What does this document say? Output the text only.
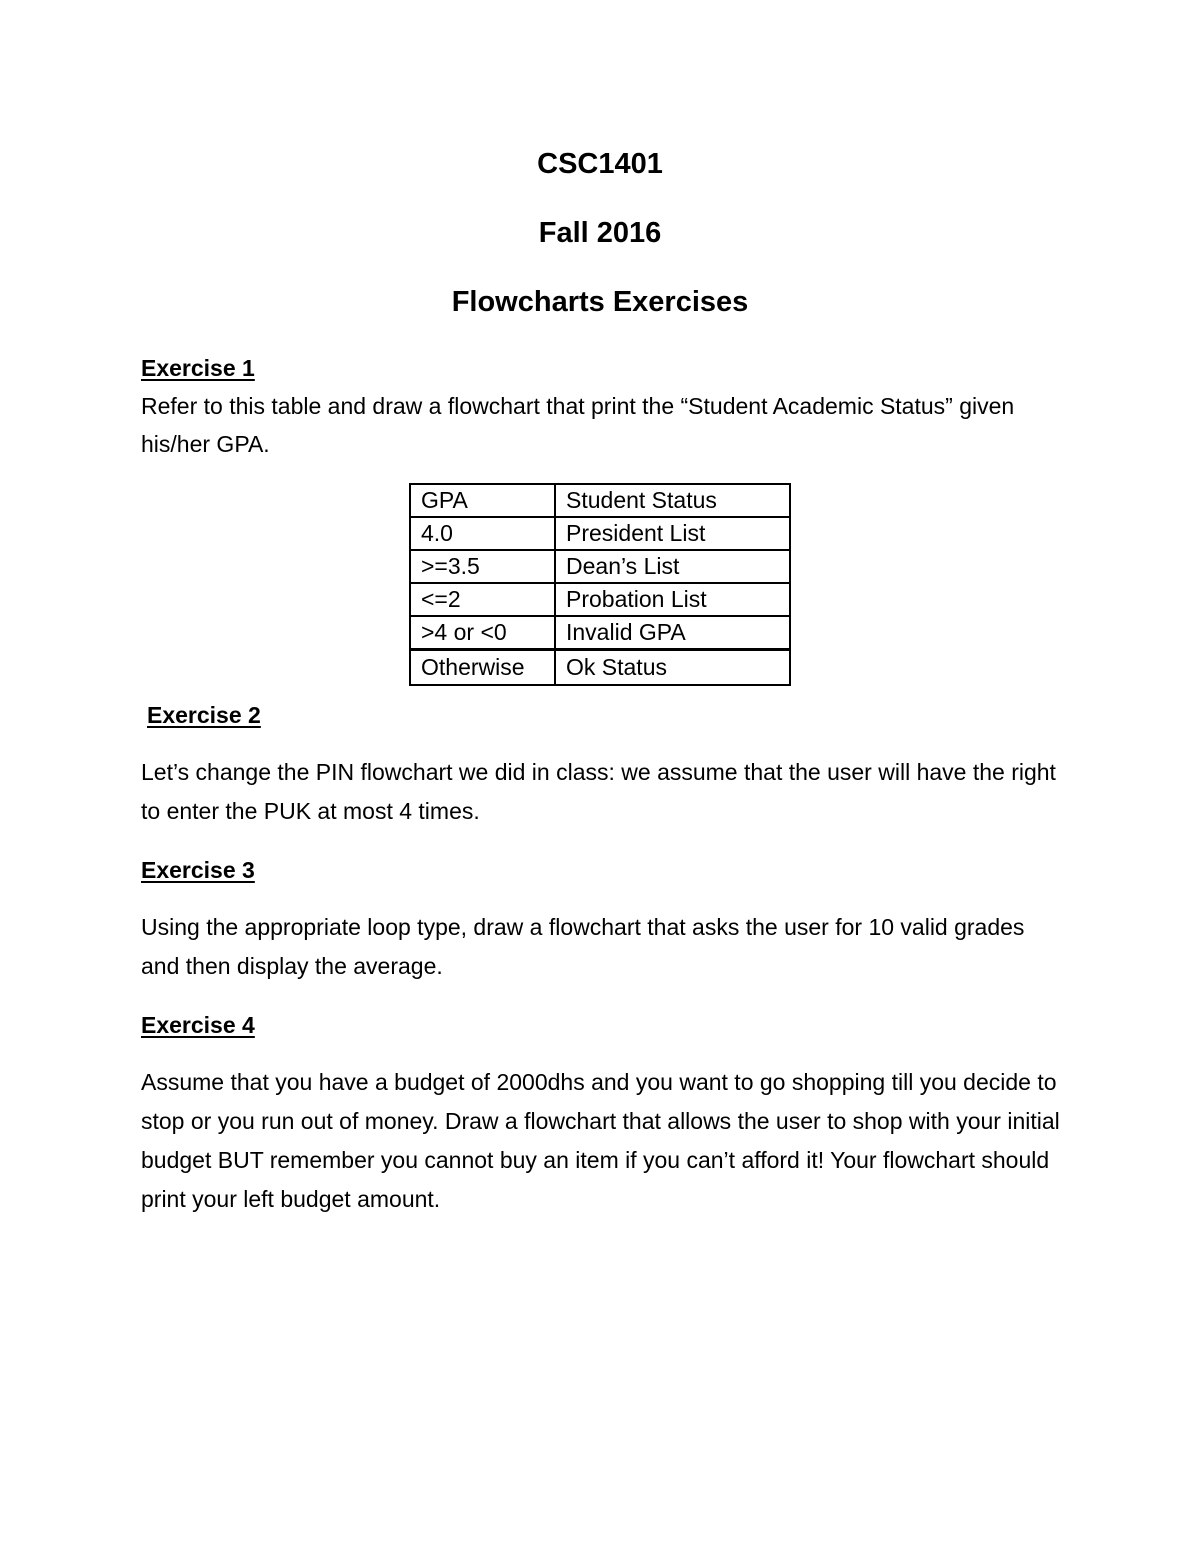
CSC1401
Fall 2016
Flowcharts Exercises
Exercise 1

Refer to this table and draw a flowchart that print the “Student Academic Status” given his/her GPA.

GPA	Student Status
4.0	President List
>=3.5	Dean’s List
<=2	Probation List
>4 or <0	Invalid GPA
Otherwise	Ok Status
Exercise 2

Let’s change the PIN flowchart we did in class: we assume that the user will have the right to enter the PUK at most 4 times.

Exercise 3

Using the appropriate loop type, draw a flowchart that asks the user for 10 valid grades and then display the average.

Exercise 4

Assume that you have a budget of 2000dhs and you want to go shopping till you decide to stop or you run out of money. Draw a flowchart that allows the user to shop with your initial budget BUT remember you cannot buy an item if you can’t afford it! Your flowchart should print your left budget amount.
